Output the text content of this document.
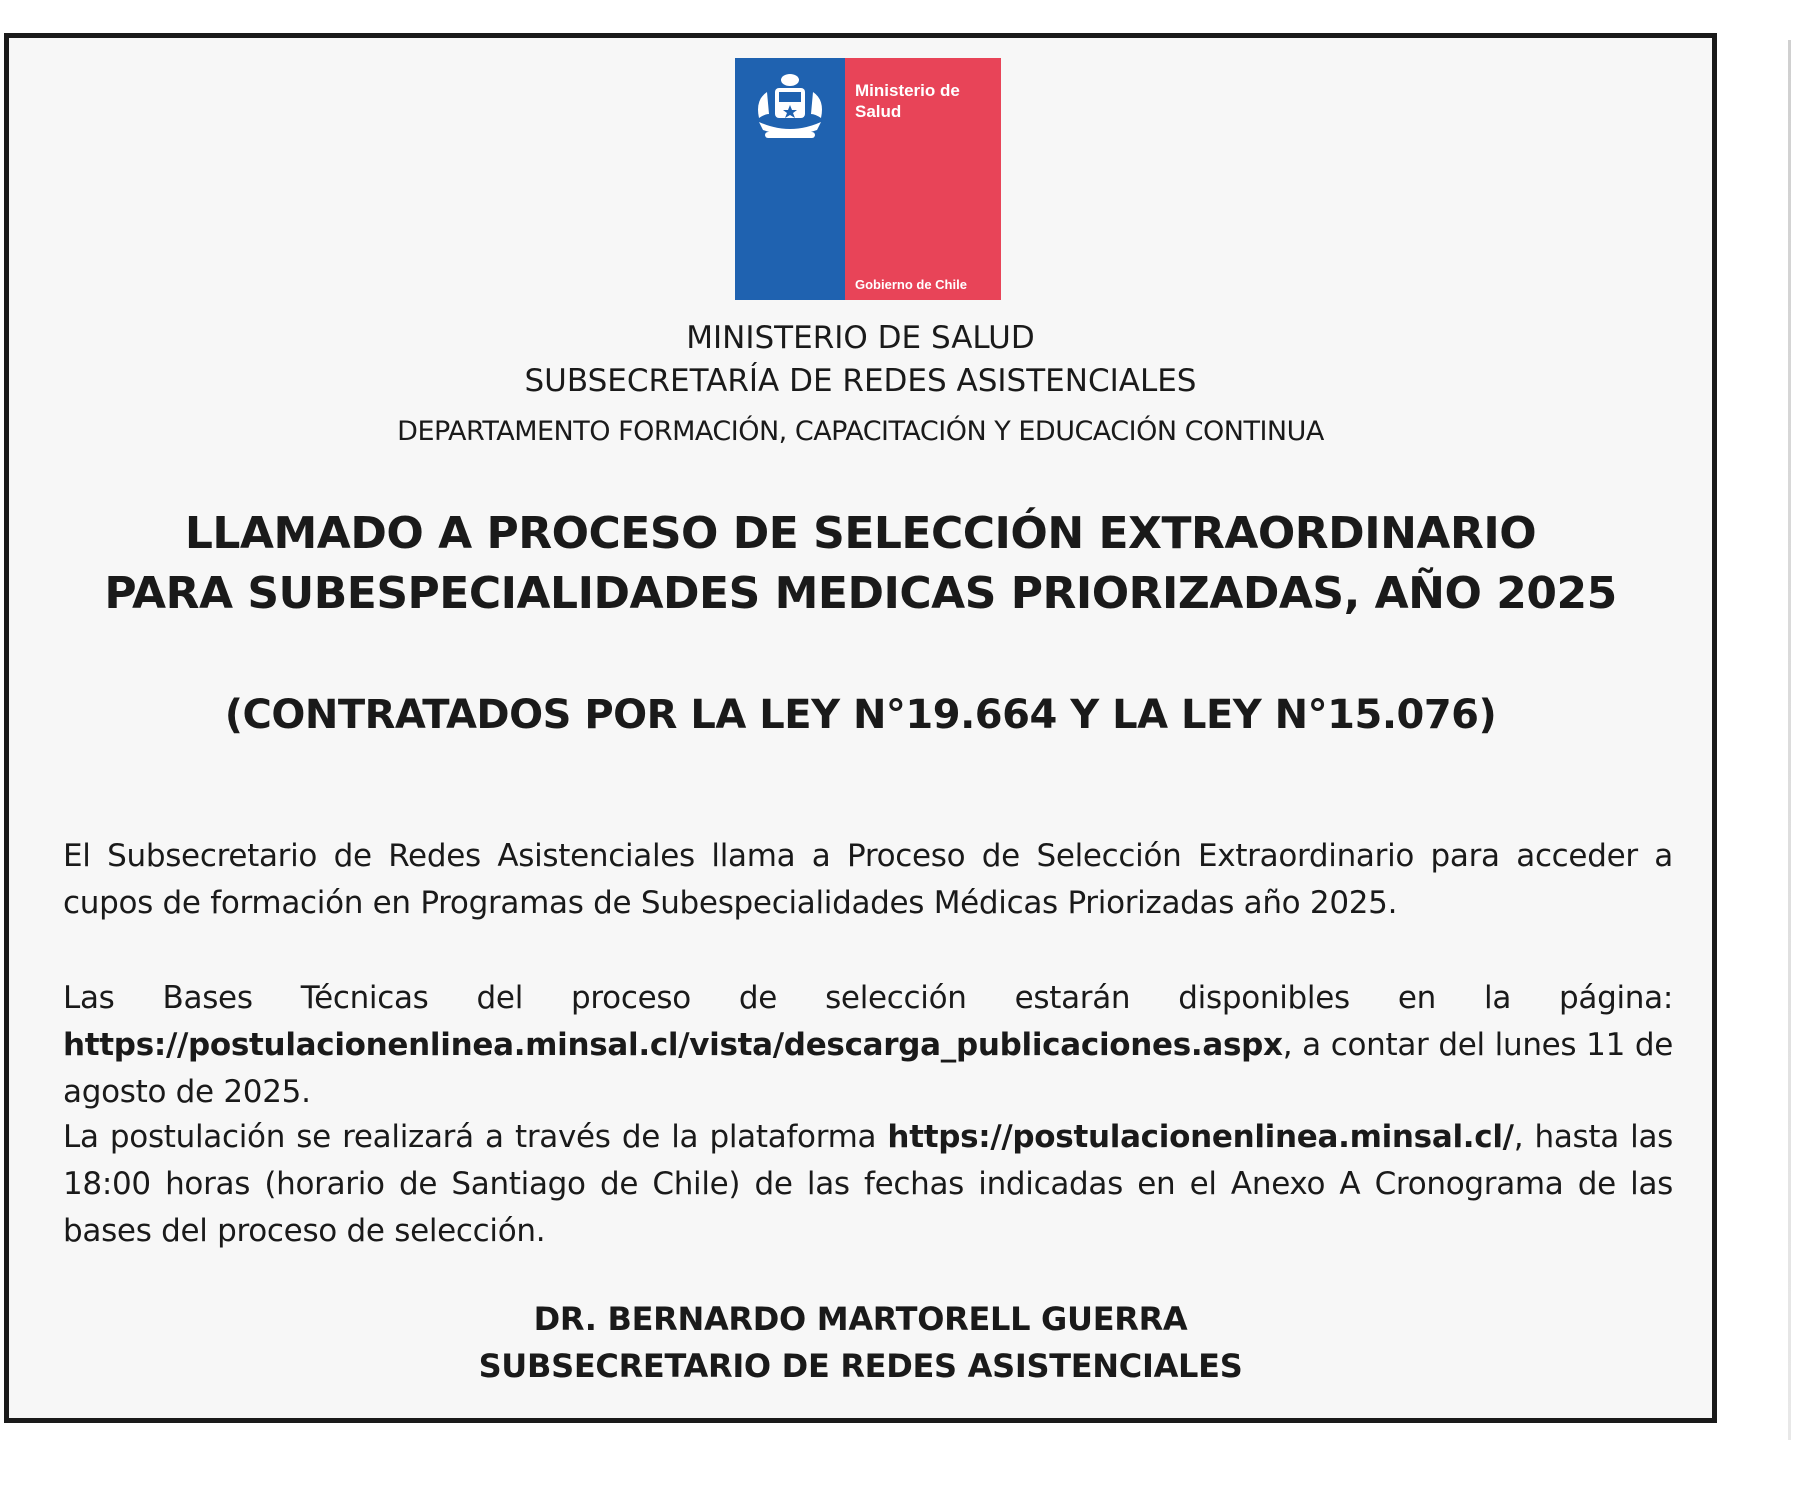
Ministerio de
Salud
Gobierno de Chile
MINISTERIO DE SALUD
SUBSECRETARÍA DE REDES ASISTENCIALES
DEPARTAMENTO FORMACIÓN, CAPACITACIÓN Y EDUCACIÓN CONTINUA
LLAMADO A PROCESO DE SELECCIÓN EXTRAORDINARIO
PARA SUBESPECIALIDADES MEDICAS PRIORIZADAS, AÑO 2025
(CONTRATADOS POR LA LEY N°19.664 Y LA LEY N°15.076)
El Subsecretario de Redes Asistenciales llama a Proceso de Selección Extraordinario para acceder a cupos de formación en Programas de Subespecialidades Médicas Priorizadas año 2025.
Las Bases Técnicas del proceso de selección estarán disponibles en la página: https://postulacionenlinea.minsal.cl/vista/descarga_publicaciones.aspx, a contar del lunes 11 de agosto de 2025.
La postulación se realizará a través de la plataforma https://postulacionenlinea.minsal.cl/, hasta las 18:00 horas (horario de Santiago de Chile) de las fechas indicadas en el Anexo A Cronograma de las bases del proceso de selección.
DR. BERNARDO MARTORELL GUERRA
SUBSECRETARIO DE REDES ASISTENCIALES
